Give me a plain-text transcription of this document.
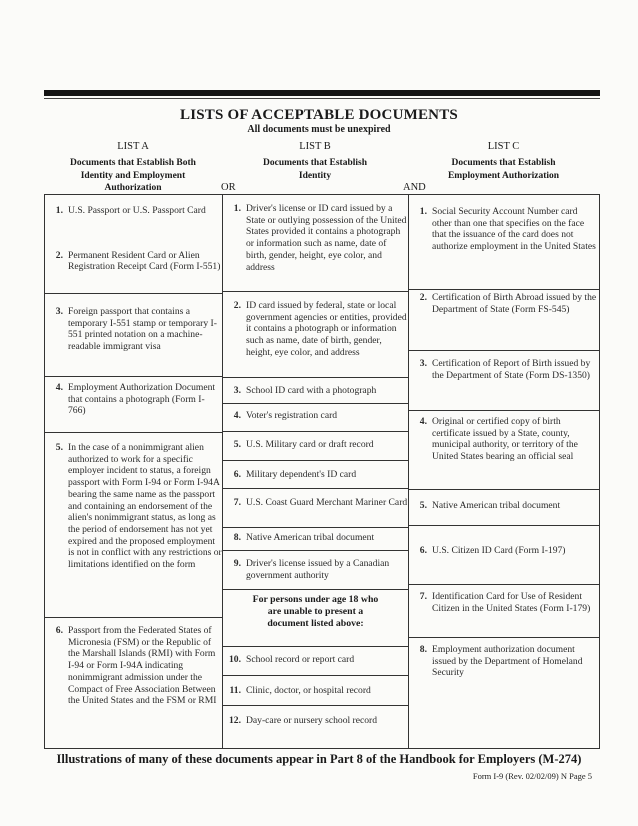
LISTS OF ACCEPTABLE DOCUMENTS
All documents must be unexpired
LIST A	LIST B	LIST C
Documents that Establish Both
Identity and Employment
Authorization
Documents that Establish
Identity
Documents that Establish
Employment Authorization
OR	AND
1. U.S. Passport or U.S. Passport Card
2. Permanent Resident Card or Alien Registration Receipt Card (Form I-551)
3. Foreign passport that contains a temporary I-551 stamp or temporary I-551 printed notation on a machine-readable immigrant visa
4. Employment Authorization Document that contains a photograph (Form I-766)
5. In the case of a nonimmigrant alien authorized to work for a specific employer incident to status, a foreign passport with Form I-94 or Form I-94A bearing the same name as the passport and containing an endorsement of the alien's nonimmigrant status, as long as the period of endorsement has not yet expired and the proposed employment is not in conflict with any restrictions or limitations identified on the form
6. Passport from the Federated States of Micronesia (FSM) or the Republic of the Marshall Islands (RMI) with Form I-94 or Form I-94A indicating nonimmigrant admission under the Compact of Free Association Between the United States and the FSM or RMI

1. Driver's license or ID card issued by a State or outlying possession of the United States provided it contains a photograph or information such as name, date of birth, gender, height, eye color, and address
2. ID card issued by federal, state or local government agencies or entities, provided it contains a photograph or information such as name, date of birth, gender, height, eye color, and address
3. School ID card with a photograph
4. Voter's registration card
5. U.S. Military card or draft record
6. Military dependent's ID card
7. U.S. Coast Guard Merchant Mariner Card
8. Native American tribal document
9. Driver's license issued by a Canadian government authority
For persons under age 18 who
are unable to present a
document listed above:
10. School record or report card
11. Clinic, doctor, or hospital record
12. Day-care or nursery school record

1. Social Security Account Number card other than one that specifies on the face that the issuance of the card does not authorize employment in the United States
2. Certification of Birth Abroad issued by the Department of State (Form FS-545)
3. Certification of Report of Birth issued by the Department of State (Form DS-1350)
4. Original or certified copy of birth certificate issued by a State, county, municipal authority, or territory of the United States bearing an official seal
5. Native American tribal document
6. U.S. Citizen ID Card (Form I-197)
7. Identification Card for Use of Resident Citizen in the United States (Form I-179)
8. Employment authorization document issued by the Department of Homeland Security
Illustrations of many of these documents appear in Part 8 of the Handbook for Employers (M-274)
Form I-9 (Rev. 02/02/09) N Page 5
